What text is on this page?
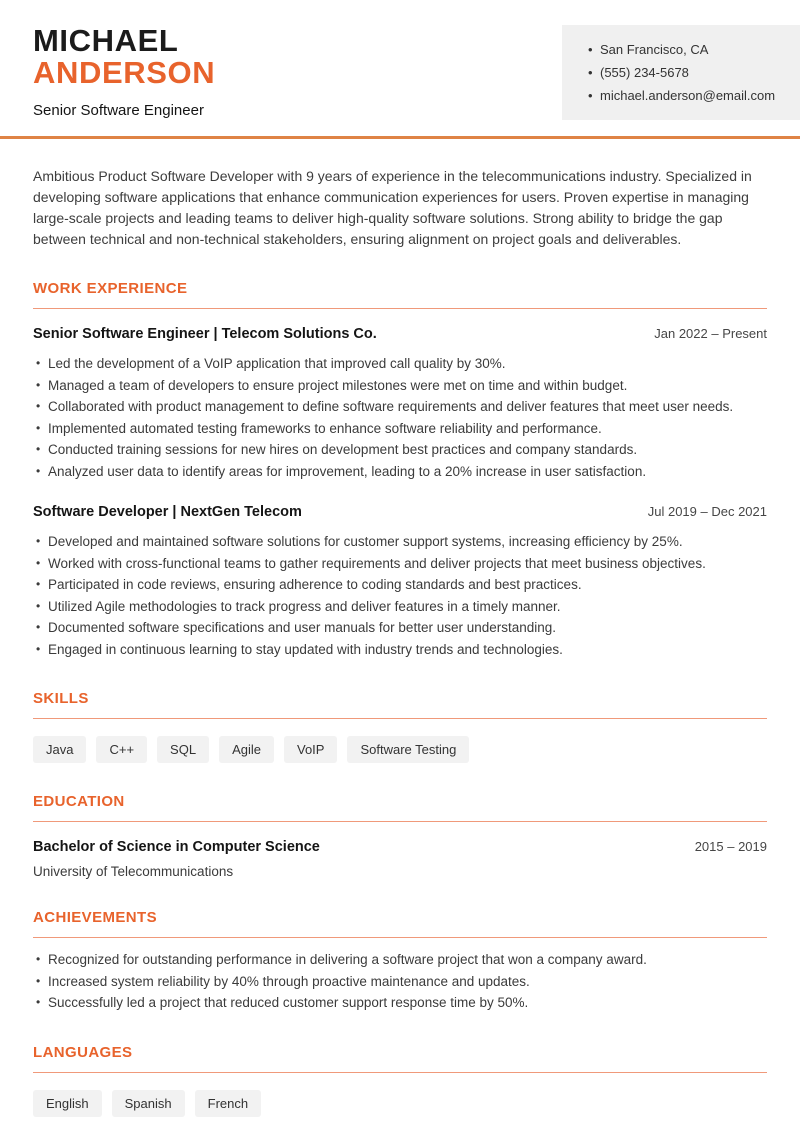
MICHAEL
ANDERSON
Senior Software Engineer
• San Francisco, CA
• (555) 234-5678
• michael.anderson@email.com

Ambitious Product Software Developer with 9 years of experience in the telecommunications industry. Specialized in developing software applications that enhance communication experiences for users. Proven expertise in managing large-scale projects and leading teams to deliver high-quality software solutions. Strong ability to bridge the gap between technical and non-technical stakeholders, ensuring alignment on project goals and deliverables.

WORK EXPERIENCE
Senior Software Engineer | Telecom Solutions Co.	Jan 2022 – Present
• Led the development of a VoIP application that improved call quality by 30%.
• Managed a team of developers to ensure project milestones were met on time and within budget.
• Collaborated with product management to define software requirements and deliver features that meet user needs.
• Implemented automated testing frameworks to enhance software reliability and performance.
• Conducted training sessions for new hires on development best practices and company standards.
• Analyzed user data to identify areas for improvement, leading to a 20% increase in user satisfaction.
Software Developer | NextGen Telecom	Jul 2019 – Dec 2021
• Developed and maintained software solutions for customer support systems, increasing efficiency by 25%.
• Worked with cross-functional teams to gather requirements and deliver projects that meet business objectives.
• Participated in code reviews, ensuring adherence to coding standards and best practices.
• Utilized Agile methodologies to track progress and deliver features in a timely manner.
• Documented software specifications and user manuals for better user understanding.
• Engaged in continuous learning to stay updated with industry trends and technologies.
SKILLS
Java	C++	SQL	Agile	VoIP	Software Testing
EDUCATION
Bachelor of Science in Computer Science	2015 – 2019
University of Telecommunications
ACHIEVEMENTS
• Recognized for outstanding performance in delivering a software project that won a company award.
• Increased system reliability by 40% through proactive maintenance and updates.
• Successfully led a project that reduced customer support response time by 50%.
LANGUAGES
English	Spanish	French
